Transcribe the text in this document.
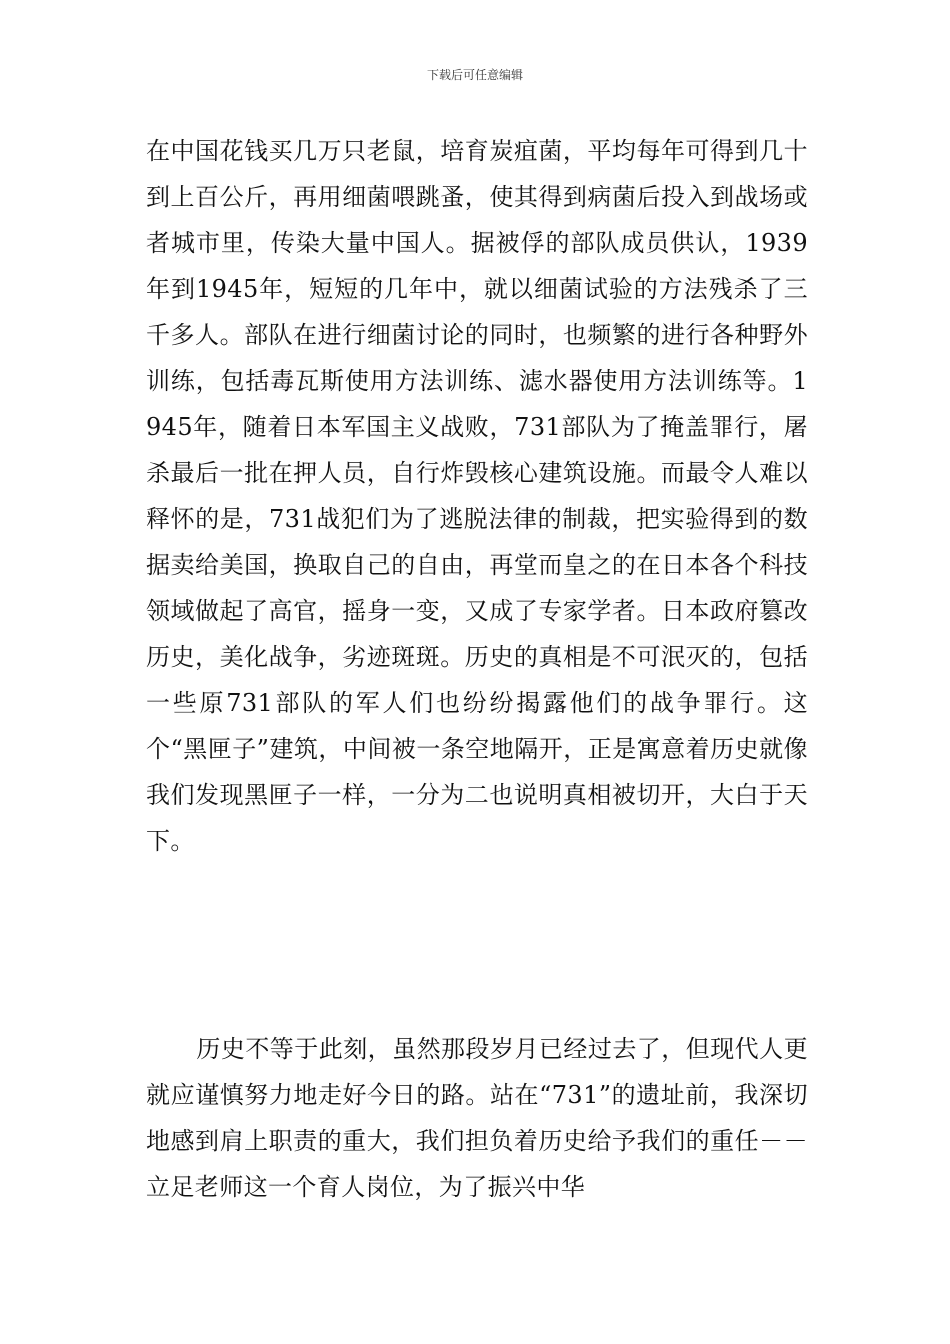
下载后可任意编辑

在中国花钱买几万只老鼠，培育炭疽菌，平均每年可得到几十到上百公斤，再用细菌喂跳蚤，使其得到病菌后投入到战场或者城市里，传染大量中国人。据被俘的部队成员供认，1939年到1945年，短短的几年中，就以细菌试验的方法残杀了三千多人。部队在进行细菌讨论的同时，也频繁的进行各种野外训练，包括毒瓦斯使用方法训练、滤水器使用方法训练等。1945年，随着日本军国主义战败，731部队为了掩盖罪行，屠杀最后一批在押人员，自行炸毁核心建筑设施。而最令人难以释怀的是，731战犯们为了逃脱法律的制裁，把实验得到的数据卖给美国，换取自己的自由，再堂而皇之的在日本各个科技领域做起了高官，摇身一变，又成了专家学者。日本政府篡改历史，美化战争，劣迹斑斑。历史的真相是不可泯灭的，包括一些原731部队的军人们也纷纷揭露他们的战争罪行。这个“黑匣子”建筑，中间被一条空地隔开，正是寓意着历史就像我们发现黑匣子一样，一分为二也说明真相被切开，大白于天下。

历史不等于此刻，虽然那段岁月已经过去了，但现代人更就应谨慎努力地走好今日的路。站在“731”的遗址前，我深切地感到肩上职责的重大，我们担负着历史给予我们的重任－－立足老师这一个育人岗位，为了振兴中华
